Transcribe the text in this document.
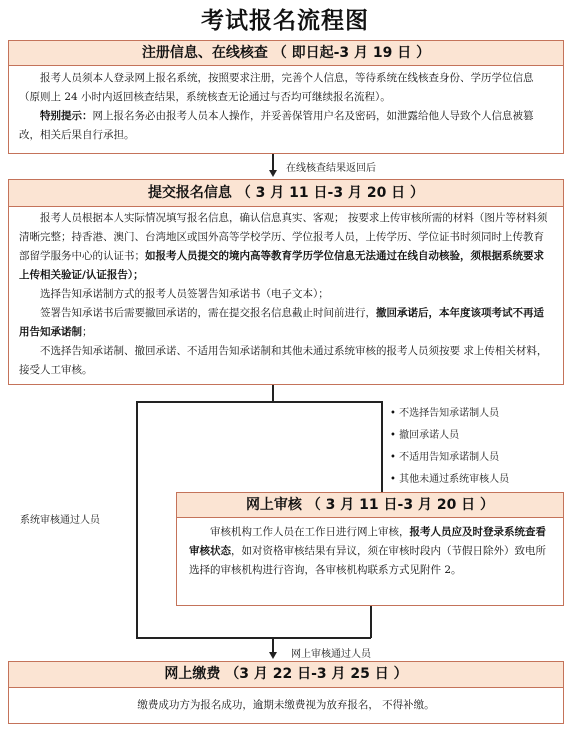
考试报名流程图
注册信息、在线核查 （ 即日起-3 月 19 日 ）

报考人员须本人登录网上报名系统，按照要求注册，完善个人信息，等待系统在线核查身份、学历学位信息（原则上 24 小时内返回核查结果，系统核查无论通过与否均可继续报名流程）。

特别提示：网上报名务必由报考人员本人操作，并妥善保管用户名及密码，如泄露给他人导致个人信息被篡改，相关后果自行承担。

在线核查结果返回后
提交报名信息 （ 3 月 11 日-3 月 20 日 ）

报考人员根据本人实际情况填写报名信息，确认信息真实、客观； 按要求上传审核所需的材料（图片等材料须清晰完整；持香港、澳门、台湾地区或国外高等学校学历、学位报考人员，上传学历、学位证书时须同时上传教育部留学服务中心的认证书；如报考人员提交的境内高等教育学历学位信息无法通过在线自动核验，须根据系统要求上传相关验证/认证报告）；

选择告知承诺制方式的报考人员签署告知承诺书（电子文本）；

签署告知承诺书后需要撤回承诺的，需在提交报名信息截止时间前进行，撤回承诺后，本年度该项考试不再适用告知承诺制；

不选择告知承诺制、撤回承诺、不适用告知承诺制和其他未通过系统审核的报考人员须按要 求上传相关材料，接受人工审核。

• 不选择告知承诺制人员
• 撤回承诺人员
• 不适用告知承诺制人员
• 其他未通过系统审核人员
系统审核通过人员
网上审核 （ 3 月 11 日-3 月 20 日 ）

审核机构工作人员在工作日进行网上审核，报考人员应及时登录系统查看审核状态，如对资格审核结果有异议，须在审核时段内（节假日除外）致电所选择的审核机构进行咨询，各审核机构联系方式见附件 2。

网上审核通过人员
网上缴费 （3 月 22 日-3 月 25 日 ）
缴费成功方为报名成功，逾期未缴费视为放弃报名， 不得补缴。
